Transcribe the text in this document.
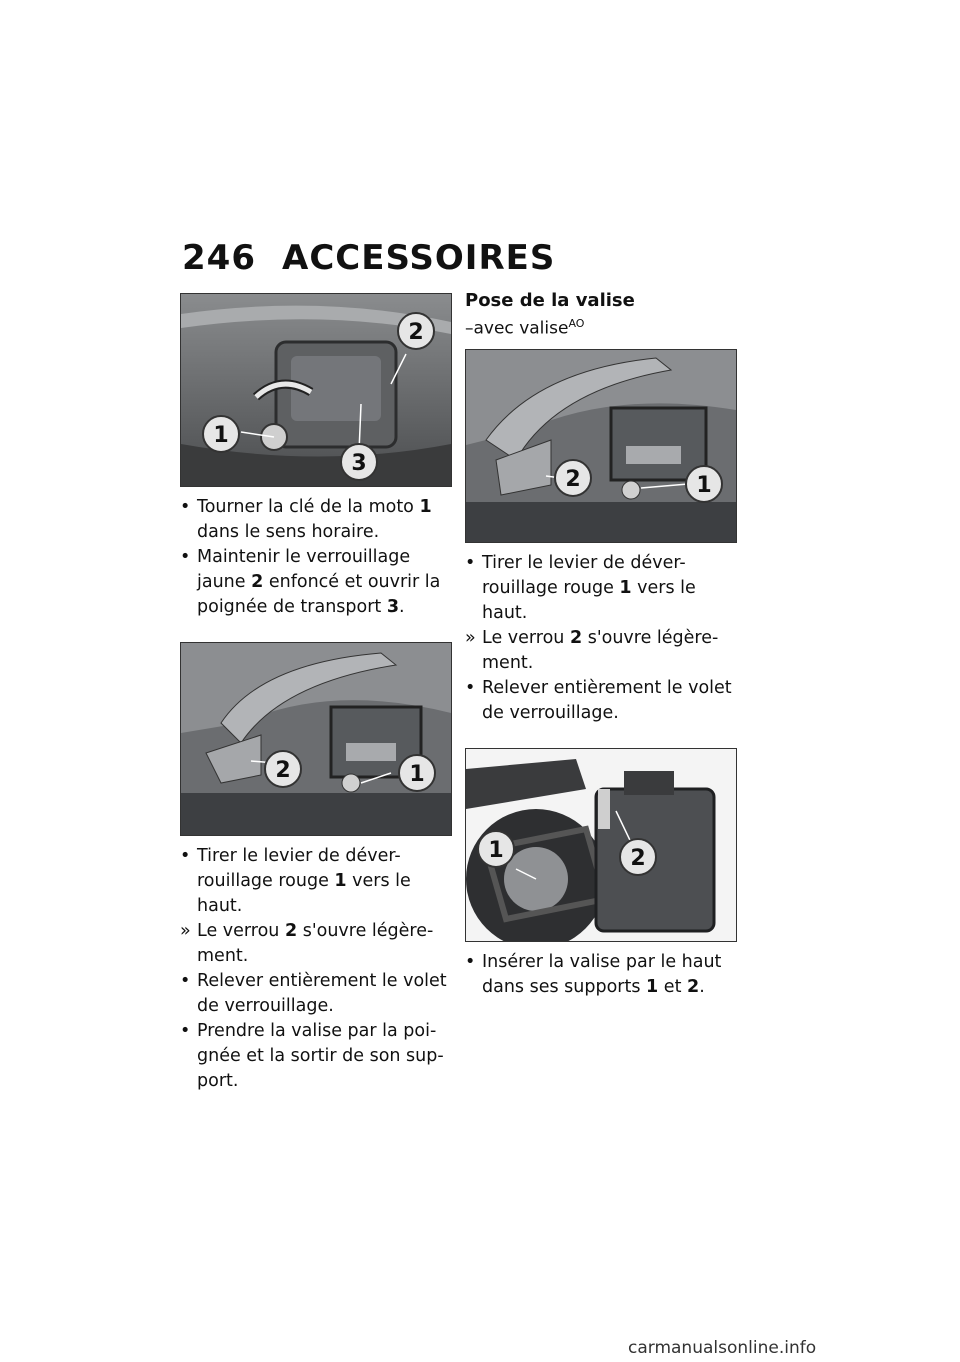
246 ACCESSOIRES
1
2
3
• Tourner la clé de la moto 1 dans le sens horaire.
• Maintenir le verrouillage jaune 2 enfoncé et ouvrir la poignée de transport 3.
2	1
• Tirer le levier de déver-rouillage rouge 1 vers le haut.
» Le verrou 2 s'ouvre légère-ment.
• Relever entièrement le volet de verrouillage.
• Prendre la valise par la poi-gnée et la sortir de son sup-port.

Pose de la valise

–avec valise$^{AO}$

2	1
• Tirer le levier de déver-rouillage rouge 1 vers le haut.
» Le verrou 2 s'ouvre légère-ment.
• Relever entièrement le volet de verrouillage.
1	2
• Insérer la valise par le haut dans ses supports 1 et 2.
carmanualsonline.info
